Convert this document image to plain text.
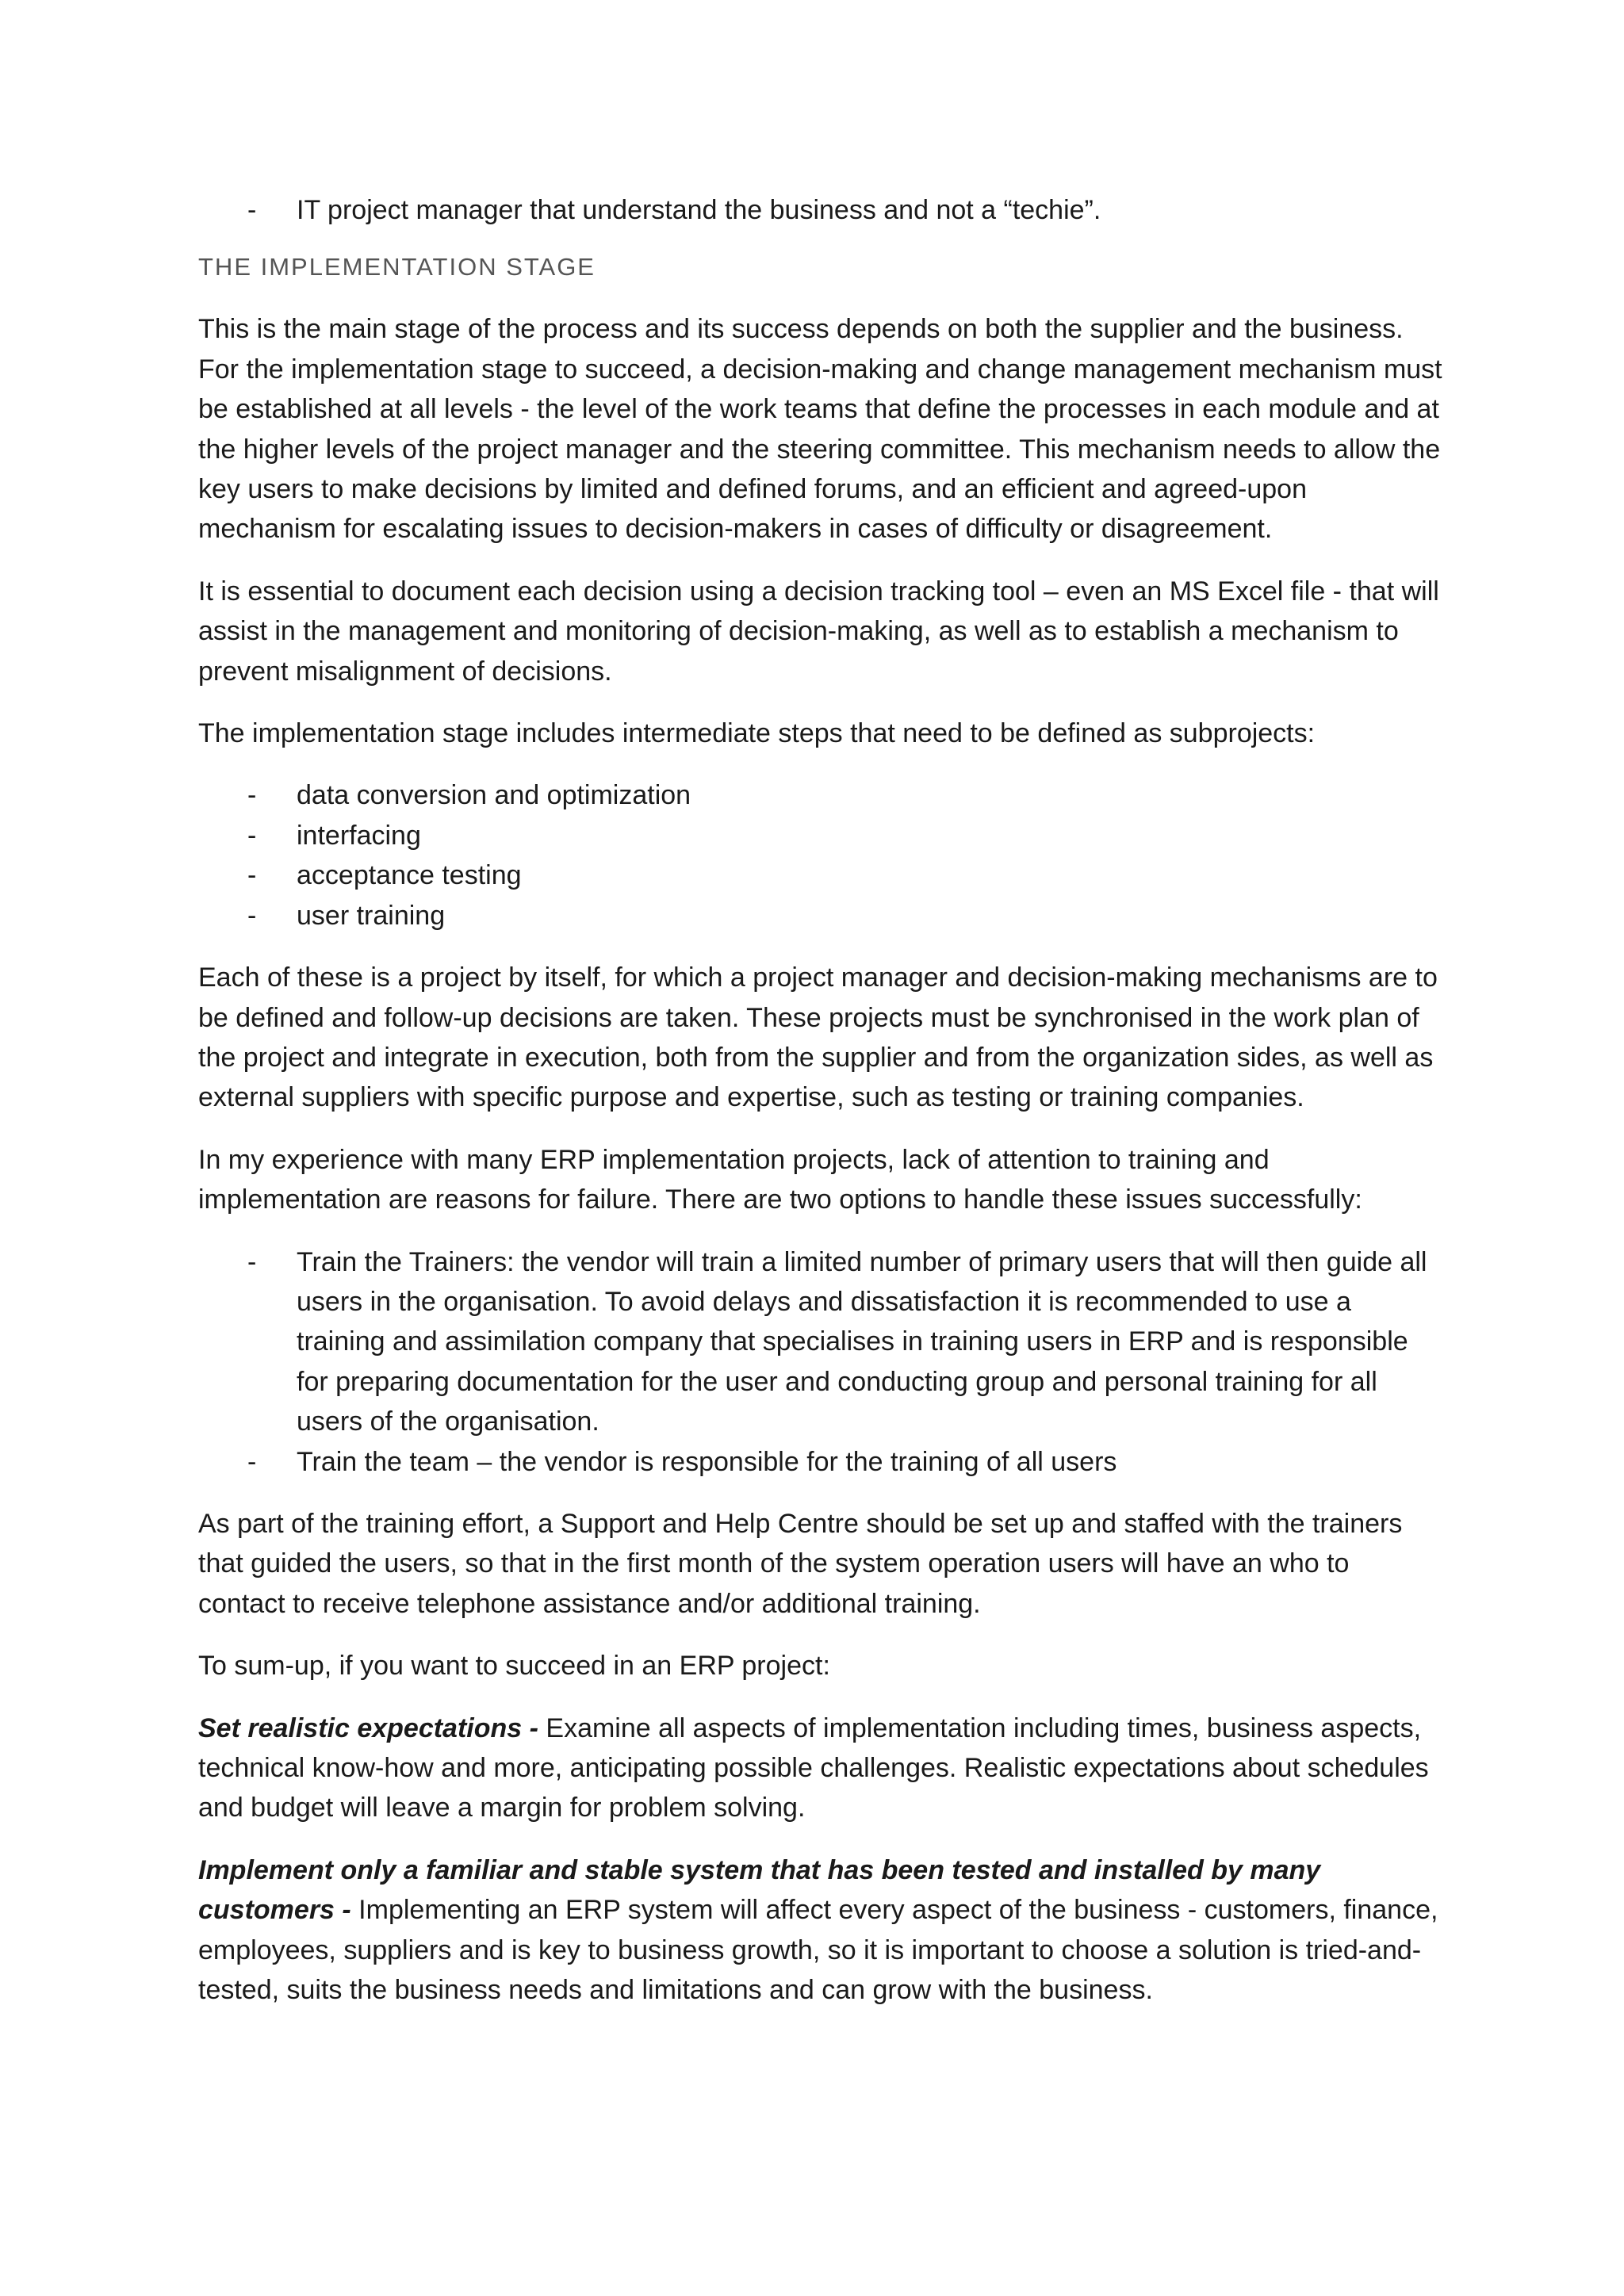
- IT project manager that understand the business and not a “techie”.
THE IMPLEMENTATION STAGE

This is the main stage of the process and its success depends on both the supplier and the business. For the implementation stage to succeed, a decision-making and change management mechanism must be established at all levels - the level of the work teams that define the processes in each module and at the higher levels of the project manager and the steering committee. This mechanism needs to allow the key users to make decisions by limited and defined forums, and an efficient and agreed-upon mechanism for escalating issues to decision-makers in cases of difficulty or disagreement.

It is essential to document each decision using a decision tracking tool – even an MS Excel file - that will assist in the management and monitoring of decision-making, as well as to establish a mechanism to prevent misalignment of decisions.

The implementation stage includes intermediate steps that need to be defined as subprojects:

- data conversion and optimization
- interfacing
- acceptance testing
- user training

Each of these is a project by itself, for which a project manager and decision-making mechanisms are to be defined and follow-up decisions are taken. These projects must be synchronised in the work plan of the project and integrate in execution, both from the supplier and from the organization sides, as well as external suppliers with specific purpose and expertise, such as testing or training companies.

In my experience with many ERP implementation projects, lack of attention to training and implementation are reasons for failure. There are two options to handle these issues successfully:

- Train the Trainers: the vendor will train a limited number of primary users that will then guide all users in the organisation. To avoid delays and dissatisfaction it is recommended to use a training and assimilation company that specialises in training users in ERP and is responsible for preparing documentation for the user and conducting group and personal training for all users of the organisation.
- Train the team – the vendor is responsible for the training of all users

As part of the training effort, a Support and Help Centre should be set up and staffed with the trainers that guided the users, so that in the first month of the system operation users will have an who to contact to receive telephone assistance and/or additional training.

To sum-up, if you want to succeed in an ERP project:

Set realistic expectations - Examine all aspects of implementation including times, business aspects, technical know-how and more, anticipating possible challenges. Realistic expectations about schedules and budget will leave a margin for problem solving.

Implement only a familiar and stable system that has been tested and installed by many customers - Implementing an ERP system will affect every aspect of the business - customers, finance, employees, suppliers and is key to business growth, so it is important to choose a solution is tried-and-tested, suits the business needs and limitations and can grow with the business.
